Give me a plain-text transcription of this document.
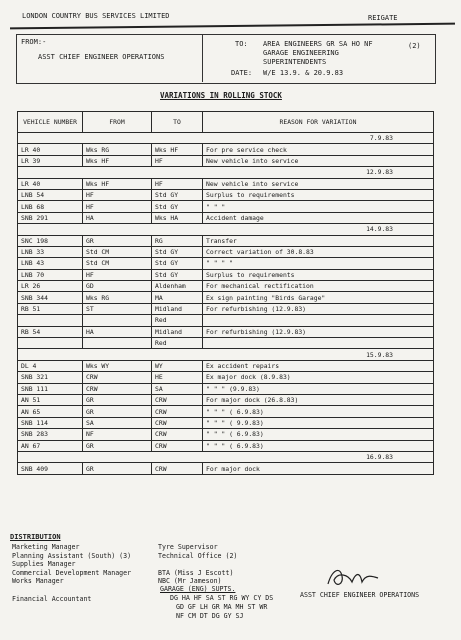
LONDON COUNTRY BUS SERVICES LIMITED	REIGATE
FROM:-
ASST CHIEF ENGINEER OPERATIONS
TO: AREA ENGINEERS GR SA HO NF
GARAGE ENGINEERING
SUPERINTENDENTS
(2)
DATE: W/E 13.9. & 20.9.83
VARIATIONS IN ROLLING STOCK
VEHICLE NUMBER	FROM	TO	REASON FOR VARIATION
7.9.83			
LR 40	Wks RG	Wks HF	For pre service check
LR 39	Wks HF	HF	New vehicle into service
12.9.83			
LR 40	Wks HF	HF	New vehicle into service
LNB 54	HF	Std GY	Surplus to requirements
LNB 68	HF	Std GY	" " "
SNB 291	HA	Wks HA	Accident damage
14.9.83			
SNC 198	GR	RG	Transfer
LNB 33	Std CM	Std GY	Correct variation of 30.8.83
LNB 43	Std CM	Std GY	" " " "
LNB 70	HF	Std GY	Surplus to requirements
LR 26	GD	Aldenham	For mechanical rectification
SNB 344	Wks RG	MA	Ex sign painting "Birds Garage"
RB 51	ST	Midland	For refurbishing (12.9.83)
		Red	
RB 54	HA	Midland	For refurbishing (12.9.83)
		Red	
15.9.83			
DL 4	Wks WY	WY	Ex accident repairs
SNB 321	CRW	HE	Ex major dock (8.9.83)
SNB 111	CRW	SA	" " " (9.9.83)
AN 51	GR	CRW	For major dock (26.8.83)
AN 65	GR	CRW	" " " ( 6.9.83)
SNB 114	SA	CRW	" " " ( 9.9.83)
SNB 283	NF	CRW	" " " ( 6.9.83)
AN 67	GR	CRW	" " " ( 6.9.83)
16.9.83			
SNB 409	GR	CRW	For major dock
DISTRIBUTION
Marketing Manager
Planning Assistant (South) (3)
Supplies Manager
Commercial Development Manager
Works Manager
Financial Accountant
Tyre Supervisor
Technical Office (2)
BTA (Miss J Escott)
NBC (Mr Jameson)
GARAGE (ENG) SUPTS.
DG HA HF SA ST RG WY CY DS
GD GF LH GR MA MH ST WR
NF CM DT DG GY SJ
ASST CHIEF ENGINEER OPERATIONS
